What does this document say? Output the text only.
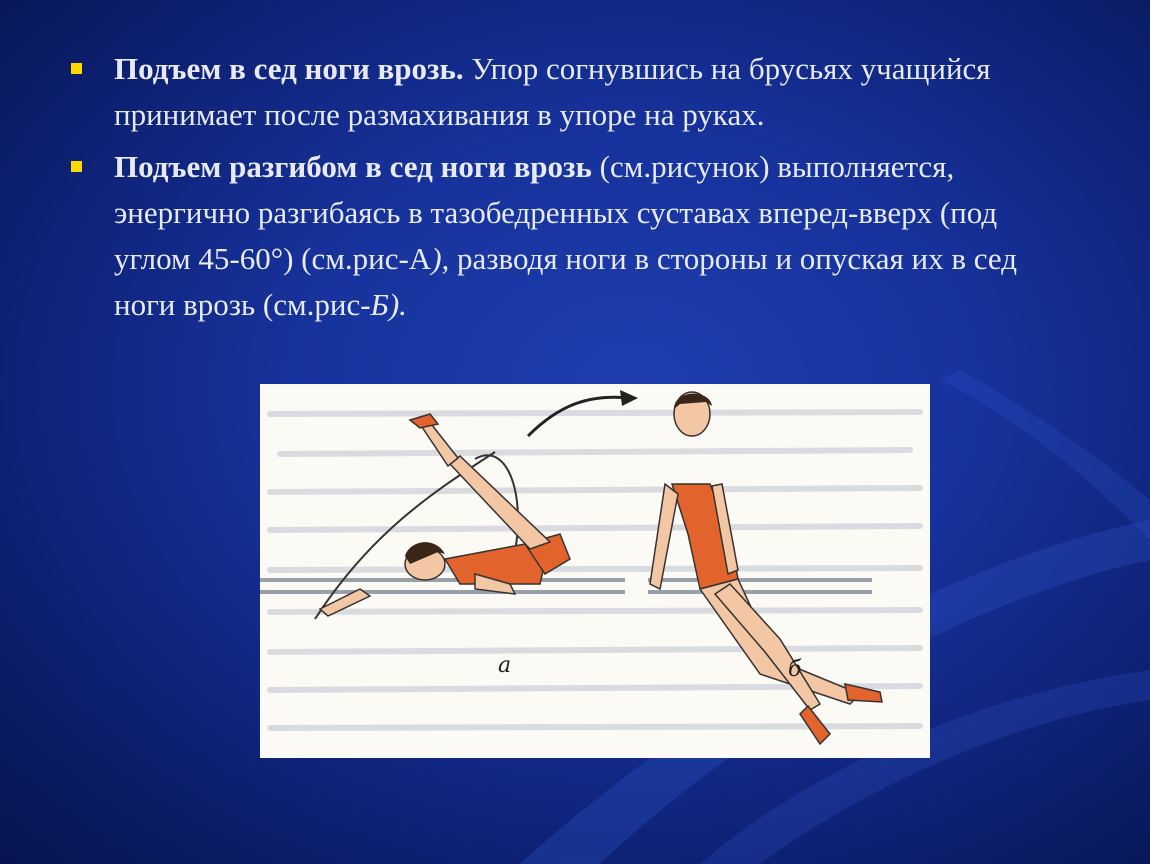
Подъем в сед ноги врозь. Упор согнувшись на брусьях учащийся принимает после размахивания в упоре на руках.
Подъем разгибом в сед ноги врозь (см.рисунок) выполняется, энергично разгибаясь в тазобедренных суставах вперед-вверх (под углом 45-60°) (см.рис-А), разводя ноги в стороны и опуская их в сед ноги врозь (см.рис-Б).
а	б
